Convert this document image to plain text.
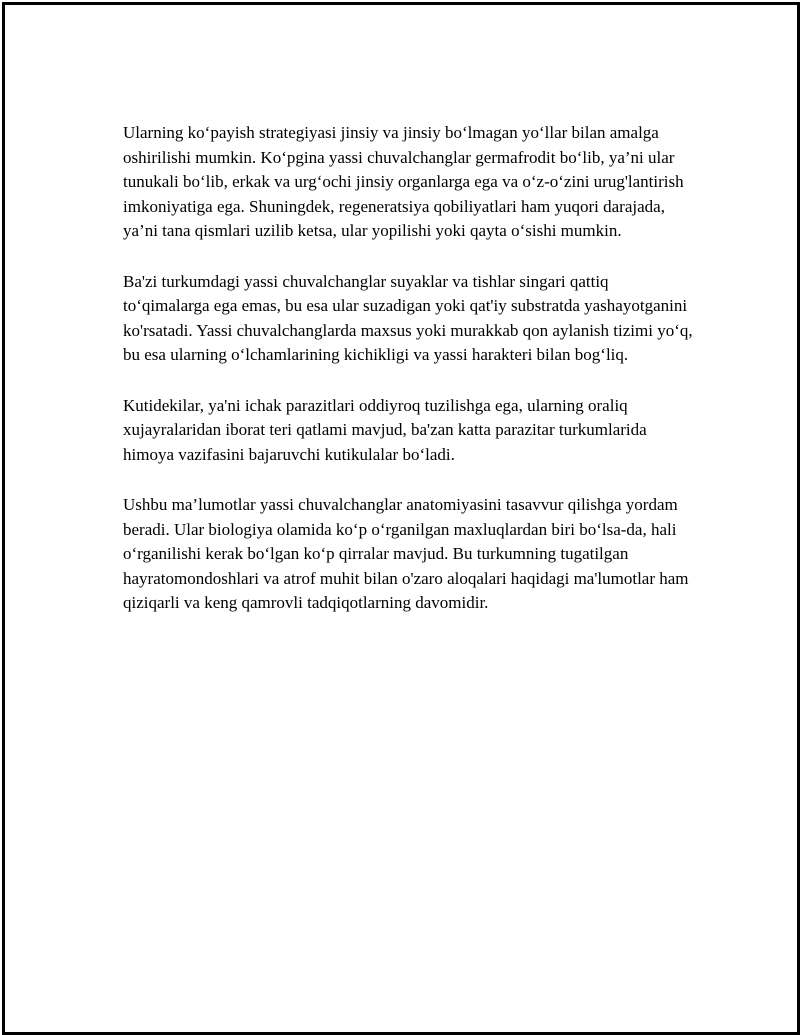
Ularning ko‘payish strategiyasi jinsiy va jinsiy bo‘lmagan yo‘llar bilan amalga oshirilishi mumkin. Ko‘pgina yassi chuvalchanglar germafrodit bo‘lib, ya’ni ular tunukali bo‘lib, erkak va urg‘ochi jinsiy organlarga ega va o‘z-o‘zini urug'lantirish imkoniyatiga ega. Shuningdek, regeneratsiya qobiliyatlari ham yuqori darajada, ya’ni tana qismlari uzilib ketsa, ular yopilishi yoki qayta o‘sishi mumkin.

Ba'zi turkumdagi yassi chuvalchanglar suyaklar va tishlar singari qattiq to‘qimalarga ega emas, bu esa ular suzadigan yoki qat'iy substratda yashayotganini ko'rsatadi. Yassi chuvalchanglarda maxsus yoki murakkab qon aylanish tizimi yo‘q, bu esa ularning o‘lchamlarining kichikligi va yassi harakteri bilan bog‘liq.

Kutidekilar, ya'ni ichak parazitlari oddiyroq tuzilishga ega, ularning oraliq xujayralaridan iborat teri qatlami mavjud, ba'zan katta parazitar turkumlarida himoya vazifasini bajaruvchi kutikulalar bo‘ladi.

Ushbu ma’lumotlar yassi chuvalchanglar anatomiyasini tasavvur qilishga yordam beradi. Ular biologiya olamida ko‘p o‘rganilgan maxluqlardan biri bo‘lsa-da, hali o‘rganilishi kerak bo‘lgan ko‘p qirralar mavjud. Bu turkumning tugatilgan hayratomondoshlari va atrof muhit bilan o'zaro aloqalari haqidagi ma'lumotlar ham qiziqarli va keng qamrovli tadqiqotlarning davomidir.
